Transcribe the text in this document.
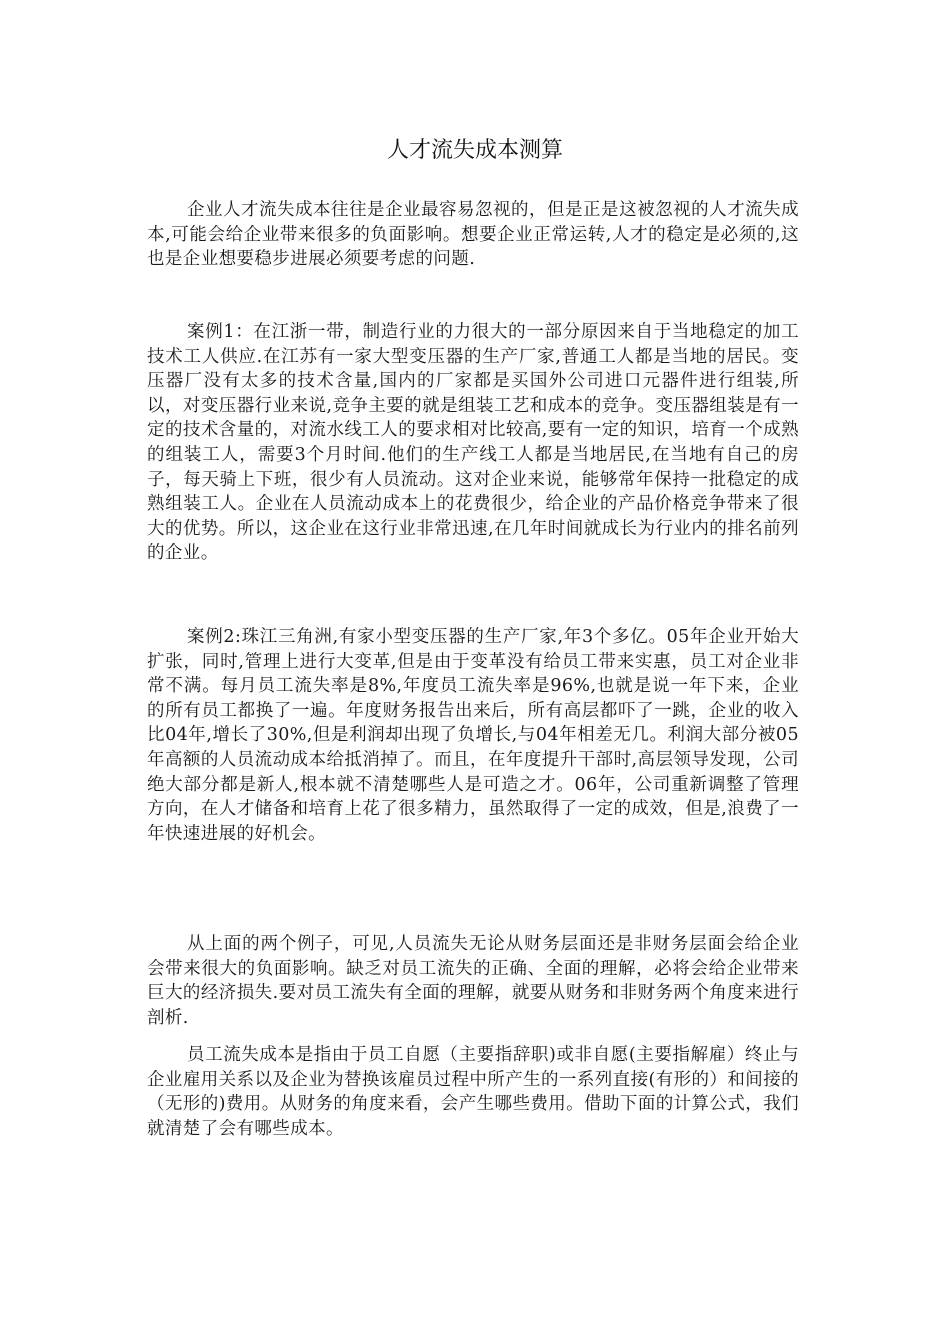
人才流失成本测算

企业人才流失成本往往是企业最容易忽视的，但是正是这被忽视的人才流失成本,可能会给企业带来很多的负面影响。想要企业正常运转,人才的稳定是必须的,这也是企业想要稳步进展必须要考虑的问题.

案例1：在江浙一带，制造行业的力很大的一部分原因来自于当地稳定的加工技术工人供应.在江苏有一家大型变压器的生产厂家,普通工人都是当地的居民。变压器厂没有太多的技术含量,国内的厂家都是买国外公司进口元器件进行组装,所以，对变压器行业来说,竞争主要的就是组装工艺和成本的竞争。变压器组装是有一定的技术含量的，对流水线工人的要求相对比较高,要有一定的知识，培育一个成熟的组装工人，需要3个月时间.他们的生产线工人都是当地居民,在当地有自己的房子，每天骑上下班，很少有人员流动。这对企业来说，能够常年保持一批稳定的成熟组装工人。企业在人员流动成本上的花费很少，给企业的产品价格竞争带来了很大的优势。所以，这企业在这行业非常迅速,在几年时间就成长为行业内的排名前列的企业。

案例2:珠江三角洲,有家小型变压器的生产厂家,年3个多亿。05年企业开始大扩张，同时,管理上进行大变革,但是由于变革没有给员工带来实惠，员工对企业非常不满。每月员工流失率是8%,年度员工流失率是96%,也就是说一年下来，企业的所有员工都换了一遍。年度财务报告出来后，所有高层都吓了一跳，企业的收入比04年,增长了30%,但是利润却出现了负增长,与04年相差无几。利润大部分被05年高额的人员流动成本给抵消掉了。而且，在年度提升干部时,高层领导发现，公司绝大部分都是新人,根本就不清楚哪些人是可造之才。06年，公司重新调整了管理方向，在人才储备和培育上花了很多精力，虽然取得了一定的成效，但是,浪费了一年快速进展的好机会。

从上面的两个例子，可见,人员流失无论从财务层面还是非财务层面会给企业会带来很大的负面影响。缺乏对员工流失的正确、全面的理解，必将会给企业带来巨大的经济损失.要对员工流失有全面的理解，就要从财务和非财务两个角度来进行剖析.

员工流失成本是指由于员工自愿（主要指辞职)或非自愿(主要指解雇）终止与企业雇用关系以及企业为替换该雇员过程中所产生的一系列直接(有形的）和间接的（无形的)费用。从财务的角度来看，会产生哪些费用。借助下面的计算公式，我们就清楚了会有哪些成本。
